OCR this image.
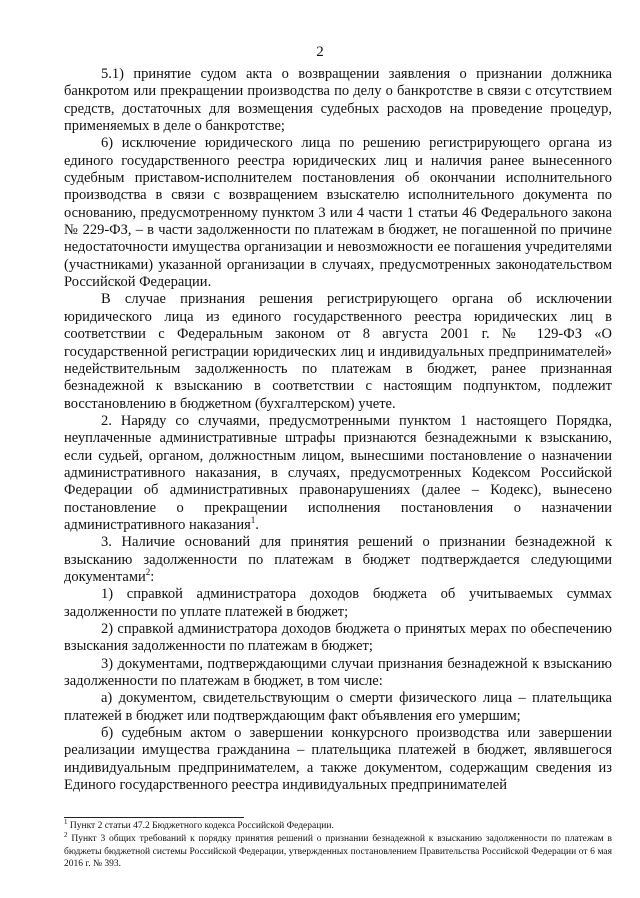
2

5.1) принятие судом акта о возвращении заявления о признании должника банкротом или прекращении производства по делу о банкротстве в связи с отсутствием средств, достаточных для возмещения судебных расходов на проведение процедур, применяемых в деле о банкротстве;

6) исключение юридического лица по решению регистрирующего органа из единого государственного реестра юридических лиц и наличия ранее вынесенного судебным приставом-исполнителем постановления об окончании исполнительного производства в связи с возвращением взыскателю исполнительного документа по основанию, предусмотренному пунктом 3 или 4 части 1 статьи 46 Федерального закона № 229-ФЗ, – в части задолженности по платежам в бюджет, не погашенной по причине недостаточности имущества организации и невозможности ее погашения учредителями (участниками) указанной организации в случаях, предусмотренных законодательством Российской Федерации.

В случае признания решения регистрирующего органа об исключении юридического лица из единого государственного реестра юридических лиц в соответствии с Федеральным законом от 8 августа 2001 г. № 129-ФЗ «О государственной регистрации юридических лиц и индивидуальных предпринимателей» недействительным задолженность по платежам в бюджет, ранее признанная безнадежной к взысканию в соответствии с настоящим подпунктом, подлежит восстановлению в бюджетном (бухгалтерском) учете.

2. Наряду со случаями, предусмотренными пунктом 1 настоящего Порядка, неуплаченные административные штрафы признаются безнадежными к взысканию, если судьей, органом, должностным лицом, вынесшими постановление о назначении административного наказания, в случаях, предусмотренных Кодексом Российской Федерации об административных правонарушениях (далее – Кодекс), вынесено постановление о прекращении исполнения постановления о назначении административного наказания$^1$.

3. Наличие оснований для принятия решений о признании безнадежной к взысканию задолженности по платежам в бюджет подтверждается следующими документами$^2$:

1) справкой администратора доходов бюджета об учитываемых суммах задолженности по уплате платежей в бюджет;

2) справкой администратора доходов бюджета о принятых мерах по обеспечению взыскания задолженности по платежам в бюджет;

3) документами, подтверждающими случаи признания безнадежной к взысканию задолженности по платежам в бюджет, в том числе:

а) документом, свидетельствующим о смерти физического лица – плательщика платежей в бюджет или подтверждающим факт объявления его умершим;

б) судебным актом о завершении конкурсного производства или завершении реализации имущества гражданина – плательщика платежей в бюджет, являвшегося индивидуальным предпринимателем, а также документом, содержащим сведения из Единого государственного реестра индивидуальных предпринимателей

$^1$ Пункт 2 статьи 47.2 Бюджетного кодекса Российской Федерации.

$^2$ Пункт 3 общих требований к порядку принятия решений о признании безнадежной к взысканию задолженности по платежам в бюджеты бюджетной системы Российской Федерации, утвержденных постановлением Правительства Российской Федерации от 6 мая 2016 г. № 393.
